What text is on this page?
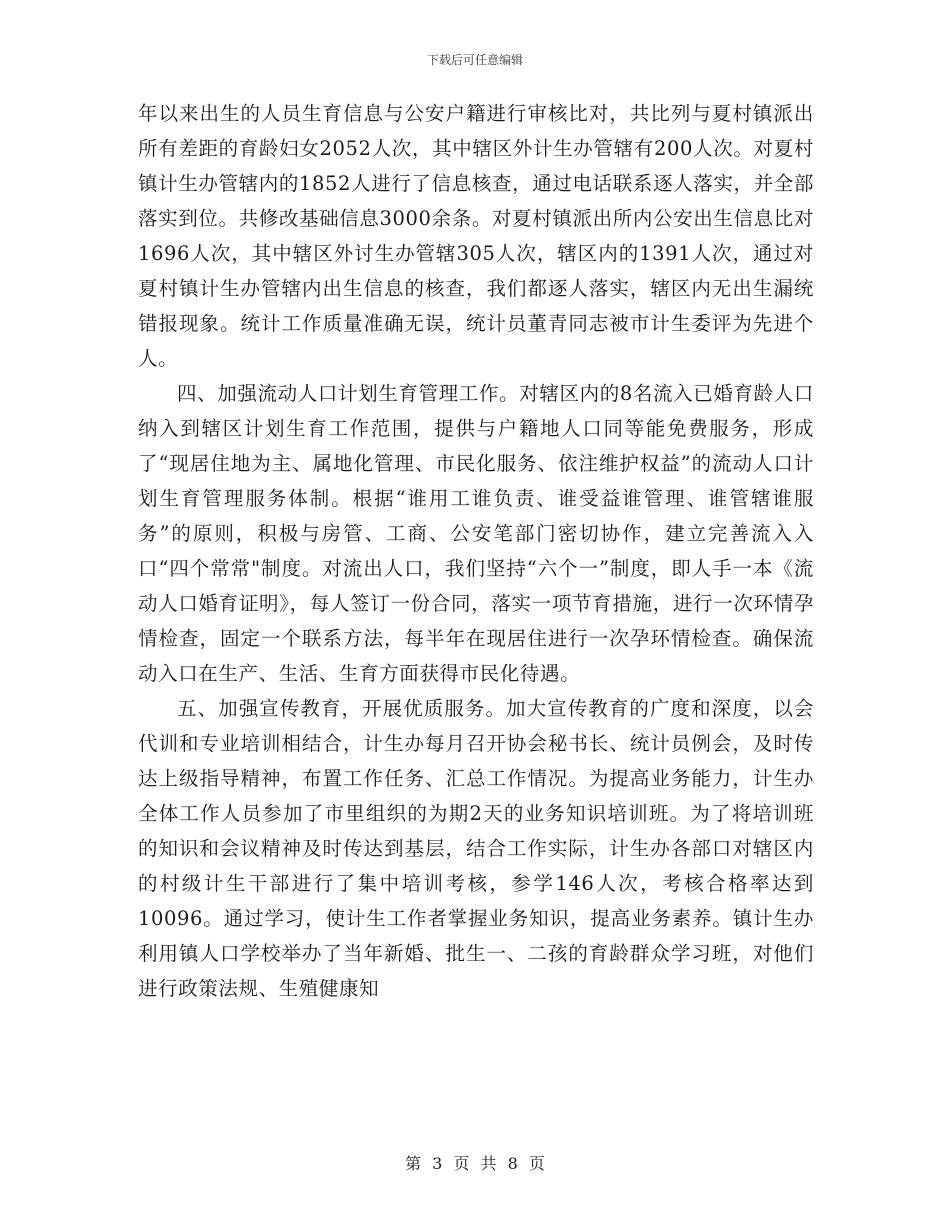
下载后可任意编辑

年以来出生的人员生育信息与公安户籍进行审核比对，共比列与夏村镇派出所有差距的育龄妇女2052人次，其中辖区外计生办管辖有200人次。对夏村镇计生办管辖内的1852人进行了信息核查，通过电话联系逐人落实，并全部落实到位。共修改基础信息3000余条。对夏村镇派出所内公安出生信息比对1696人次，其中辖区外讨生办管辖305人次，辖区内的1391人次，通过对夏村镇计生办管辖内出生信息的核查，我们都逐人落实，辖区内无出生漏统错报现象。统计工作质量准确无误，统计员董青同志被市计生委评为先进个人。

四、加强流动人口计划生育管理工作。对辖区内的8名流入已婚育龄人口纳入到辖区计划生育工作范围，提供与户籍地人口同等能免费服务，形成了“现居住地为主、属地化管理、市民化服务、依注维护权益”的流动人口计划生育管理服务体制。根据“谁用工谁负责、谁受益谁管理、谁管辖谁服务”的原则，积极与房管、工商、公安笔部门密切协作，建立完善流入入口“四个常常"制度。对流出人口，我们坚持“六个一”制度，即人手一本《流动人口婚育证明》，每人签订一份合同，落实一项节育措施，进行一次环情孕情检查，固定一个联系方法，每半年在现居住进行一次孕环情检查。确保流动入口在生产、生活、生育方面获得市民化待遇。

五、加强宣传教育，开展优质服务。加大宣传教育的广度和深度，以会代训和专业培训相结合，计生办每月召开协会秘书长、统计员例会，及时传达上级指导精神，布置工作任务、汇总工作情况。为提高业务能力，计生办全体工作人员参加了市里组织的为期2天的业务知识培训班。为了将培训班的知识和会议精神及时传达到基层，结合工作实际，计生办各部口对辖区内的村级计生干部进行了集中培训考核，参学146人次，考核合格率达到10096。通过学习，使计生工作者掌握业务知识，提高业务素养。镇计生办利用镇人口学校举办了当年新婚、批生一、二孩的育龄群众学习班，对他们进行政策法规、生殖健康知

第 3 页 共 8 页
